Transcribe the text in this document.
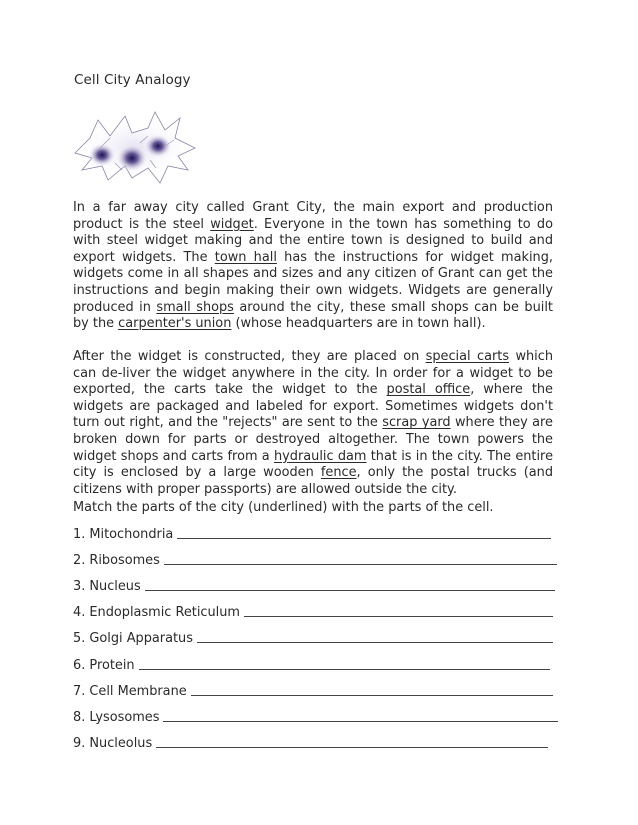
Cell City Analogy
In a far away city called Grant City, the main export and production product is the steel widget. Everyone in the town has something to do with steel widget making and the entire town is designed to build and export widgets. The town hall has the instructions for widget making, widgets come in all shapes and sizes and any citizen of Grant can get the instructions and begin making their own widgets. Widgets are generally produced in small shops around the city, these small shops can be built by the carpenter's union (whose headquarters are in town hall).
After the widget is constructed, they are placed on special carts which can de-liver the widget anywhere in the city. In order for a widget to be exported, the carts take the widget to the postal office, where the widgets are packaged and labeled for export. Sometimes widgets don't turn out right, and the "rejects" are sent to the scrap yard where they are broken down for parts or destroyed altogether. The town powers the widget shops and carts from a hydraulic dam that is in the city. The entire city is enclosed by a large wooden fence, only the postal trucks (and citizens with proper passports) are allowed outside the city.
Match the parts of the city (underlined) with the parts of the cell.
1. Mitochondria
2. Ribosomes
3. Nucleus
4. Endoplasmic Reticulum
5. Golgi Apparatus
6. Protein
7. Cell Membrane
8. Lysosomes
9. Nucleolus
